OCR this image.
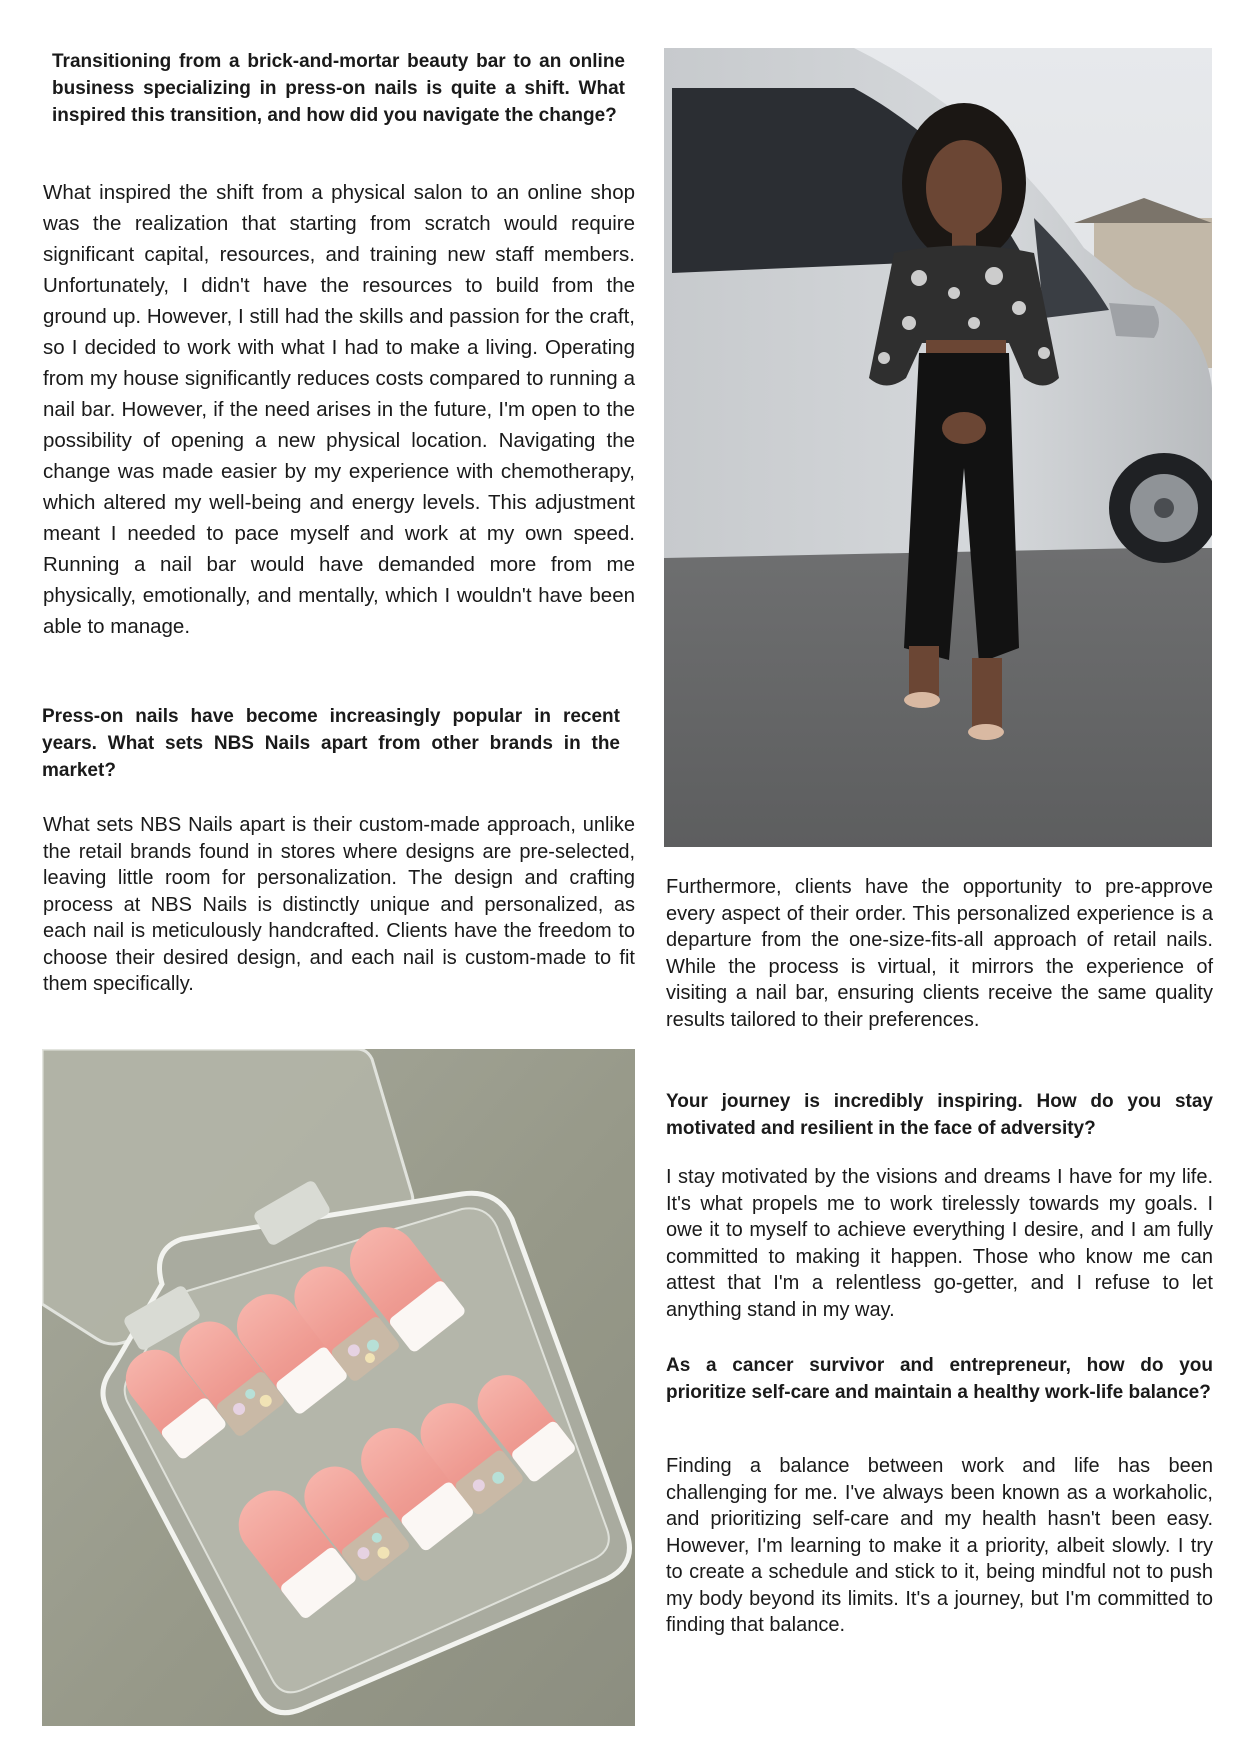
Transitioning from a brick-and-mortar beauty bar to an online business specializing in press-on nails is quite a shift. What inspired this transition, and how did you navigate the change?

What inspired the shift from a physical salon to an online shop was the realization that starting from scratch would require significant capital, resources, and training new staff members. Unfortunately, I didn't have the resources to build from the ground up. However, I still had the skills and passion for the craft, so I decided to work with what I had to make a living. Operating from my house significantly reduces costs compared to running a nail bar. However, if the need arises in the future, I'm open to the possibility of opening a new physical location. Navigating the change was made easier by my experience with chemotherapy, which altered my well-being and energy levels. This adjustment meant I needed to pace myself and work at my own speed. Running a nail bar would have demanded more from me physically, emotionally, and mentally, which I wouldn't have been able to manage.

Press-on nails have become increasingly popular in recent years. What sets NBS Nails apart from other brands in the market?

What sets NBS Nails apart is their custom-made approach, unlike the retail brands found in stores where designs are pre-selected, leaving little room for personalization. The design and crafting process at NBS Nails is distinctly unique and personalized, as each nail is meticulously handcrafted. Clients have the freedom to choose their desired design, and each nail is custom-made to fit them specifically.

Furthermore, clients have the opportunity to pre-approve every aspect of their order. This personalized experience is a departure from the one-size-fits-all approach of retail nails. While the process is virtual, it mirrors the experience of visiting a nail bar, ensuring clients receive the same quality results tailored to their preferences.

Your journey is incredibly inspiring. How do you stay motivated and resilient in the face of adversity?

I stay motivated by the visions and dreams I have for my life. It's what propels me to work tirelessly towards my goals. I owe it to myself to achieve everything I desire, and I am fully committed to making it happen. Those who know me can attest that I'm a relentless go-getter, and I refuse to let anything stand in my way.

As a cancer survivor and entrepreneur, how do you prioritize self-care and maintain a healthy work-life balance?

Finding a balance between work and life has been challenging for me. I've always been known as a workaholic, and prioritizing self-care and my health hasn't been easy. However, I'm learning to make it a priority, albeit slowly. I try to create a schedule and stick to it, being mindful not to push my body beyond its limits. It's a journey, but I'm committed to finding that balance.
